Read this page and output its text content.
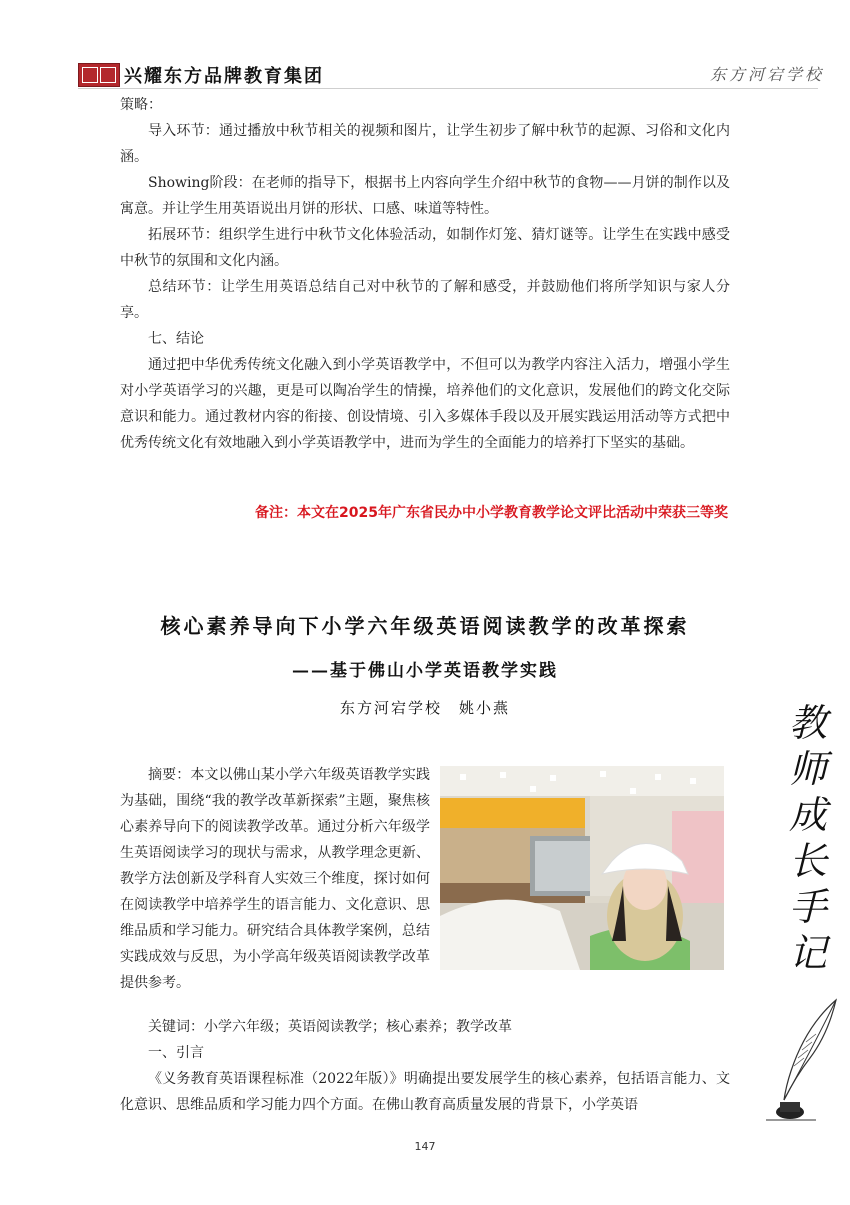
兴耀东方品牌教育集团	东方河宕学校

策略：

导入环节：通过播放中秋节相关的视频和图片，让学生初步了解中秋节的起源、习俗和文化内涵。

Showing阶段：在老师的指导下，根据书上内容向学生介绍中秋节的食物——月饼的制作以及寓意。并让学生用英语说出月饼的形状、口感、味道等特性。

拓展环节：组织学生进行中秋节文化体验活动，如制作灯笼、猜灯谜等。让学生在实践中感受中秋节的氛围和文化内涵。

总结环节：让学生用英语总结自己对中秋节的了解和感受，并鼓励他们将所学知识与家人分享。

七、结论

通过把中华优秀传统文化融入到小学英语教学中，不但可以为教学内容注入活力，增强小学生对小学英语学习的兴趣，更是可以陶冶学生的情操，培养他们的文化意识，发展他们的跨文化交际意识和能力。通过教材内容的衔接、创设情境、引入多媒体手段以及开展实践运用活动等方式把中优秀传统文化有效地融入到小学英语教学中，进而为学生的全面能力的培养打下坚实的基础。

备注：本文在2025年广东省民办中小学教育教学论文评比活动中荣获三等奖
核心素养导向下小学六年级英语阅读教学的改革探索
——基于佛山小学英语教学实践
东方河宕学校　姚小燕

摘要：本文以佛山某小学六年级英语教学实践为基础，围绕“我的教学改革新探索”主题，聚焦核心素养导向下的阅读教学改革。通过分析六年级学生英语阅读学习的现状与需求，从教学理念更新、教学方法创新及学科育人实效三个维度，探讨如何在阅读教学中培养学生的语言能力、文化意识、思维品质和学习能力。研究结合具体教学案例，总结实践成效与反思，为小学高年级英语阅读教学改革提供参考。

关键词：小学六年级；英语阅读教学；核心素养；教学改革

一、引言

《义务教育英语课程标准（2022年版）》明确提出要发展学生的核心素养，包括语言能力、文化意识、思维品质和学习能力四个方面。在佛山教育高质量发展的背景下，小学英语

教
师
成
长
手
记
147
